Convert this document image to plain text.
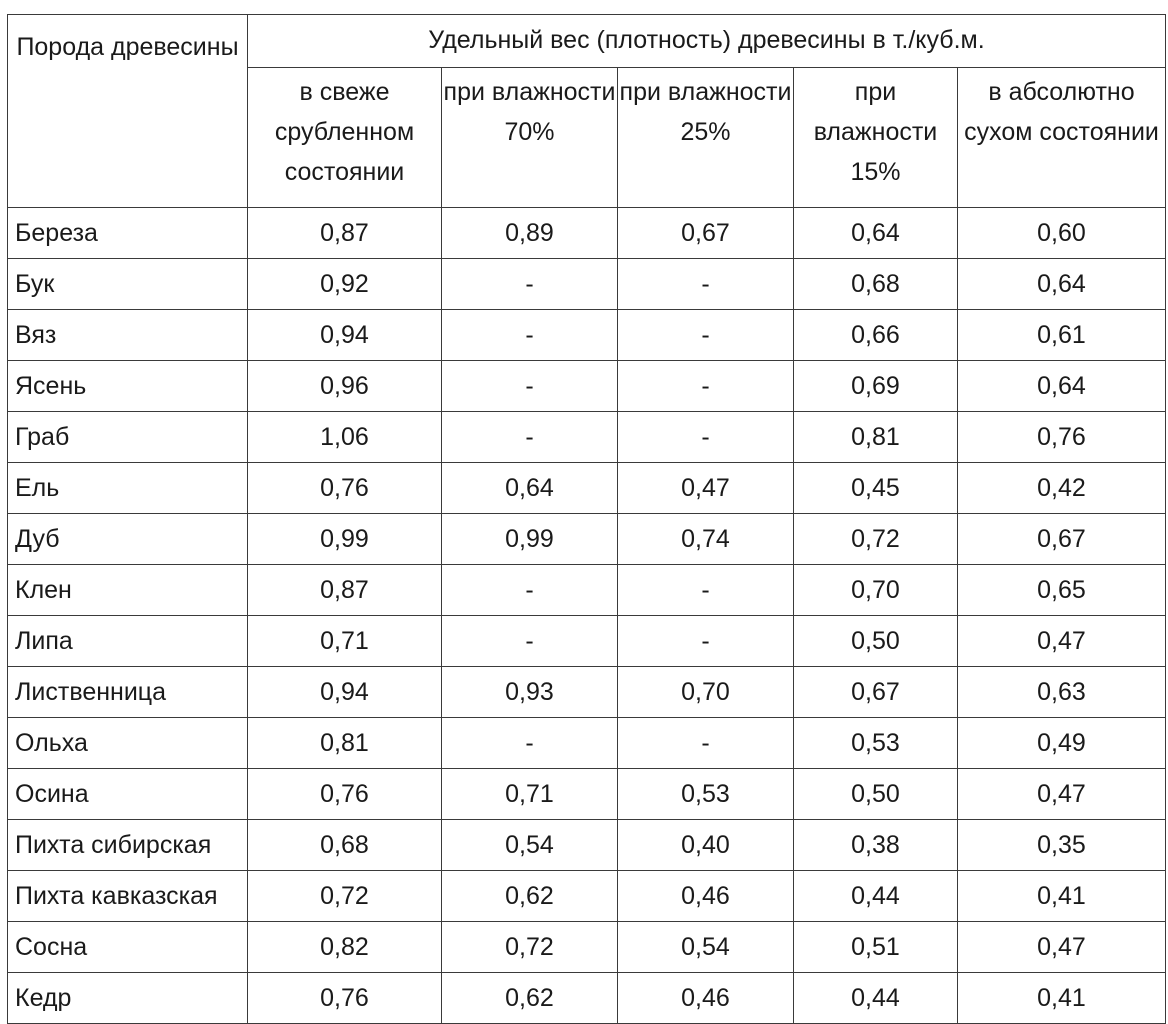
Порода древесины	Удельный вес (плотность) древесины в т./куб.м.				
	в свеже срубленном состоянии	при влажности 70%	при влажности 25%	при влажности 15%	в абсолютно сухом состоянии
Береза	0,87	0,89	0,67	0,64	0,60
Бук	0,92	-	-	0,68	0,64
Вяз	0,94	-	-	0,66	0,61
Ясень	0,96	-	-	0,69	0,64
Граб	1,06	-	-	0,81	0,76
Ель	0,76	0,64	0,47	0,45	0,42
Дуб	0,99	0,99	0,74	0,72	0,67
Клен	0,87	-	-	0,70	0,65
Липа	0,71	-	-	0,50	0,47
Лиственница	0,94	0,93	0,70	0,67	0,63
Ольха	0,81	-	-	0,53	0,49
Осина	0,76	0,71	0,53	0,50	0,47
Пихта сибирская	0,68	0,54	0,40	0,38	0,35
Пихта кавказская	0,72	0,62	0,46	0,44	0,41
Сосна	0,82	0,72	0,54	0,51	0,47
Кедр	0,76	0,62	0,46	0,44	0,41
